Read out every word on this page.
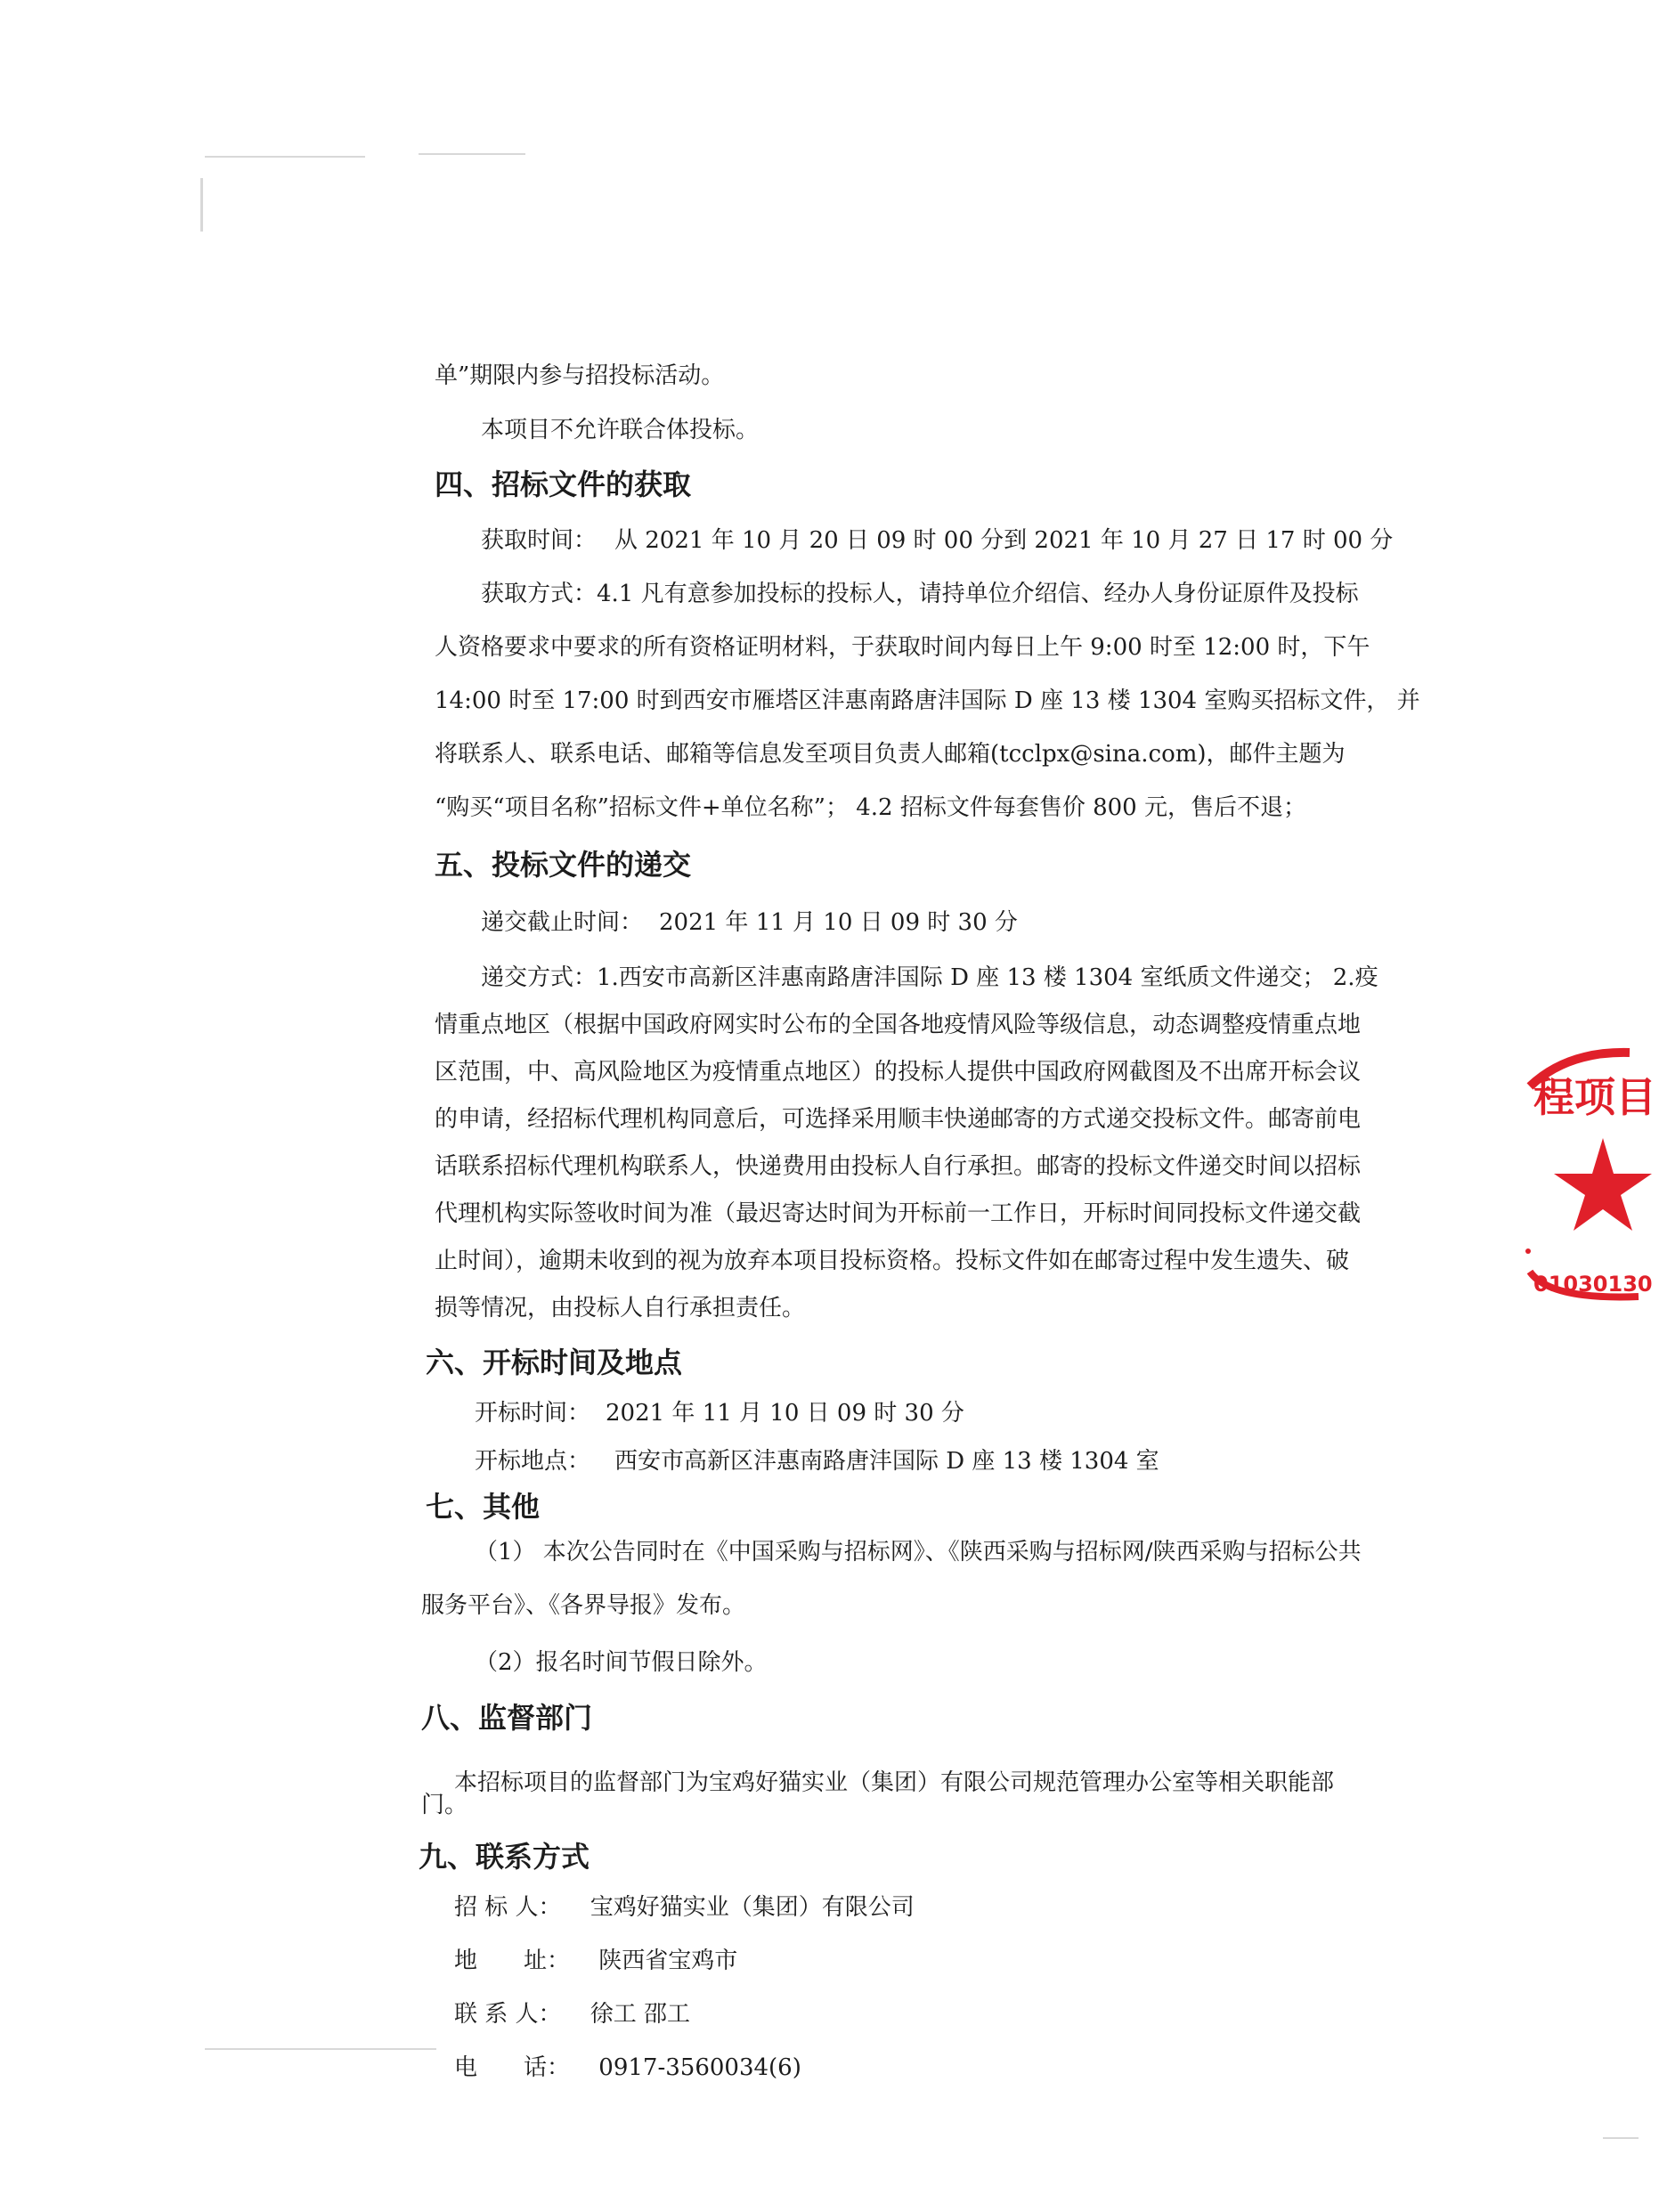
单”期限内参与招投标活动。
本项目不允许联合体投标。
四、招标文件的获取
获取时间： 从 2021 年 10 月 20 日 09 时 00 分到 2021 年 10 月 27 日 17 时 00 分
获取方式：4.1 凡有意参加投标的投标人，请持单位介绍信、经办人身份证原件及投标
人资格要求中要求的所有资格证明材料，于获取时间内每日上午 9:00 时至 12:00 时，下午
14:00 时至 17:00 时到西安市雁塔区沣惠南路唐沣国际 D 座 13 楼 1304 室购买招标文件， 并
将联系人、联系电话、邮箱等信息发至项目负责人邮箱(tcclpx@sina.com)，邮件主题为
“购买“项目名称”招标文件+单位名称”； 4.2 招标文件每套售价 800 元，售后不退；
五、投标文件的递交
递交截止时间： 2021 年 11 月 10 日 09 时 30 分
递交方式：1.西安市高新区沣惠南路唐沣国际 D 座 13 楼 1304 室纸质文件递交； 2.疫
情重点地区（根据中国政府网实时公布的全国各地疫情风险等级信息，动态调整疫情重点地
区范围，中、高风险地区为疫情重点地区）的投标人提供中国政府网截图及不出席开标会议
的申请，经招标代理机构同意后，可选择采用顺丰快递邮寄的方式递交投标文件。邮寄前电
话联系招标代理机构联系人，快递费用由投标人自行承担。邮寄的投标文件递交时间以招标
代理机构实际签收时间为准（最迟寄达时间为开标前一工作日，开标时间同投标文件递交截
止时间），逾期未收到的视为放弃本项目投标资格。投标文件如在邮寄过程中发生遗失、破
损等情况，由投标人自行承担责任。
六、开标时间及地点
开标时间： 2021 年 11 月 10 日 09 时 30 分
开标地点： 西安市高新区沣惠南路唐沣国际 D 座 13 楼 1304 室
七、其他
（1） 本次公告同时在《中国采购与招标网》、《陕西采购与招标网/陕西采购与招标公共
服务平台》、《各界导报》发布。
（2）报名时间节假日除外。
八、监督部门
本招标项目的监督部门为宝鸡好猫实业（集团）有限公司规范管理办公室等相关职能部
门。
九、联系方式
招 标 人： 宝鸡好猫实业（集团）有限公司
地　　址： 陕西省宝鸡市
联 系 人： 徐工 邵工
电　　话： 0917-3560034(6)
程项目
01030130
